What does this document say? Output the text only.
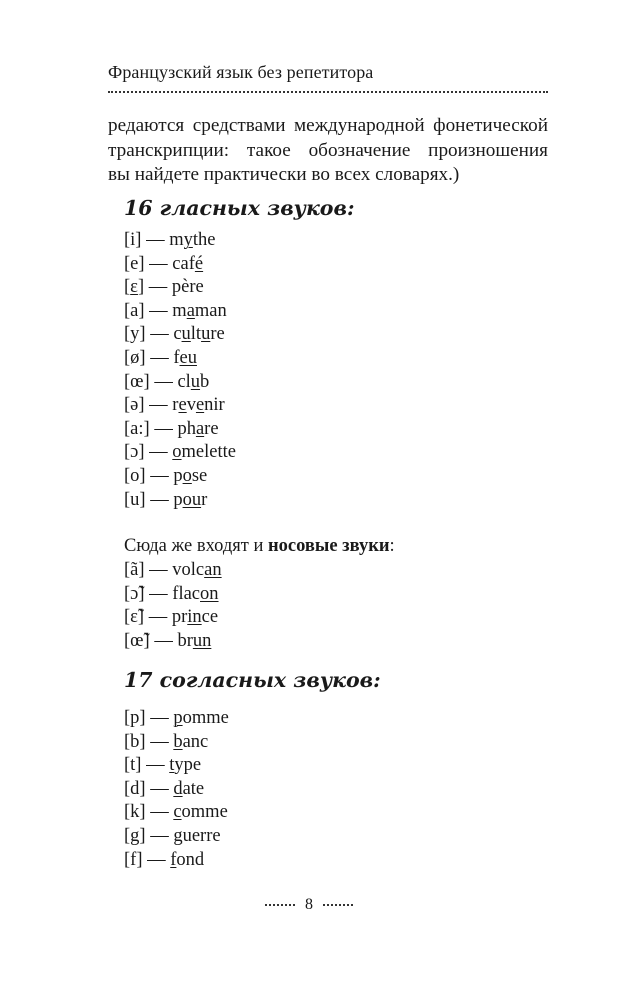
Французский язык без репетитора
редаются средствами международной фонетической
транскрипции: такое обозначение произношения
вы найдете практически во всех словарях.)
16 гласных звуков:
[i] — mythe
[e] — café
[ɛ] — père
[a] — maman
[y] — culture
[ø] — feu
[œ] — club
[ə] — revenir
[a:] — phare
[ɔ] — omelette
[o] — pose
[u] — pour
Сюда же входят и носовые звуки:
[ã] — volcan
[ɔ̃] — flacon
[ɛ̃] — prince
[œ̃] — brun
17 согласных звуков:
[p] — pomme
[b] — banc
[t] — type
[d] — date
[k] — comme
[g] — guerre
[f] — fond
8
